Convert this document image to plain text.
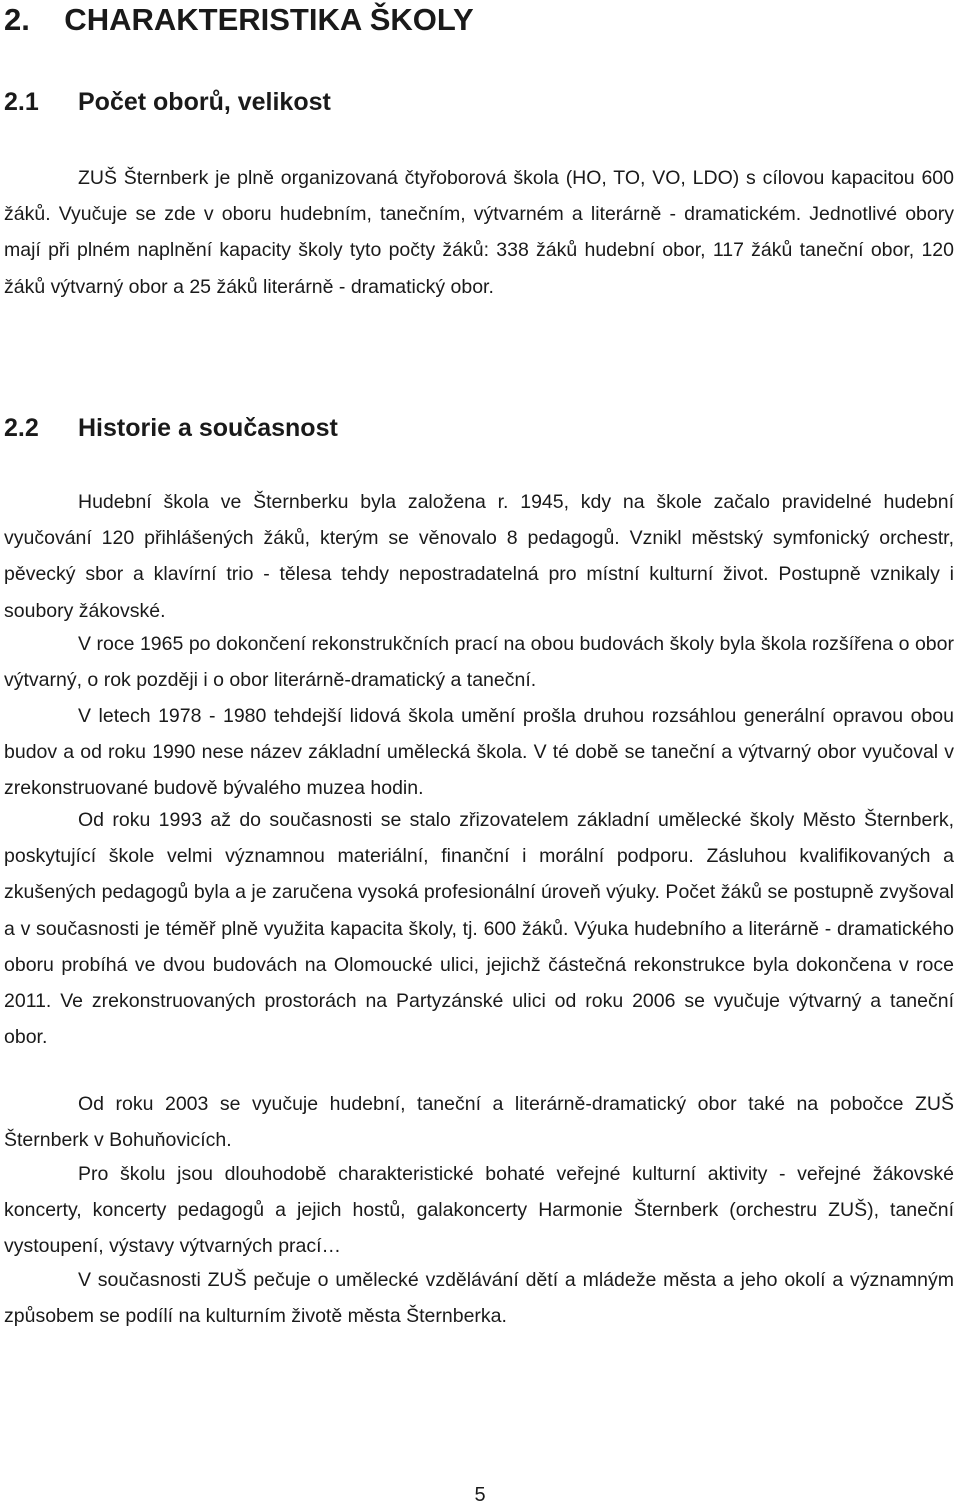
2.    CHARAKTERISTIKA ŠKOLY
2.1 Počet oborů, velikost

ZUŠ Šternberk je plně organizovaná čtyřoborová škola (HO, TO, VO, LDO) s cílovou kapacitou 600 žáků. Vyučuje se zde v oboru hudebním, tanečním, výtvarném a literárně - dramatickém. Jednotlivé obory mají při plném naplnění kapacity školy tyto počty žáků: 338 žáků hudební obor, 117 žáků taneční obor, 120 žáků výtvarný obor a 25 žáků literárně - dramatický obor.

2.2 Historie a současnost

Hudební škola ve Šternberku byla založena r. 1945, kdy na škole začalo pravidelné hudební vyučování 120 přihlášených žáků, kterým se věnovalo 8 pedagogů. Vznikl městský symfonický orchestr, pěvecký sbor a klavírní trio - tělesa tehdy nepostradatelná pro místní kulturní život. Postupně vznikaly i soubory žákovské.

V roce 1965 po dokončení rekonstrukčních prací na obou budovách školy byla škola rozšířena o obor výtvarný, o rok později i o obor literárně-dramatický a taneční.

V letech 1978 - 1980 tehdejší lidová škola umění prošla druhou rozsáhlou generální opravou obou budov a od roku 1990 nese název základní umělecká škola. V té době se taneční a výtvarný obor vyučoval v zrekonstruované budově bývalého muzea hodin.

Od roku 1993 až do současnosti se stalo zřizovatelem základní umělecké školy Město Šternberk, poskytující škole velmi významnou materiální, finanční i morální podporu. Zásluhou kvalifikovaných a zkušených pedagogů byla a je zaručena vysoká profesionální úroveň výuky. Počet žáků se postupně zvyšoval a v současnosti je téměř plně využita kapacita školy, tj. 600 žáků. Výuka hudebního a literárně - dramatického oboru probíhá ve dvou budovách na Olomoucké ulici, jejichž částečná rekonstrukce byla dokončena v roce 2011. Ve zrekonstruovaných prostorách na Partyzánské ulici od roku 2006 se vyučuje výtvarný a taneční obor.

Od roku 2003 se vyučuje hudební, taneční a literárně-dramatický obor také na pobočce ZUŠ Šternberk v Bohuňovicích.

Pro školu jsou dlouhodobě charakteristické bohaté veřejné kulturní aktivity - veřejné žákovské koncerty, koncerty pedagogů a jejich hostů, galakoncerty Harmonie Šternberk (orchestru ZUŠ), taneční vystoupení, výstavy výtvarných prací…

V současnosti ZUŠ pečuje o umělecké vzdělávání dětí a mládeže města a jeho okolí a významným způsobem se podílí na kulturním životě města Šternberka.

5
